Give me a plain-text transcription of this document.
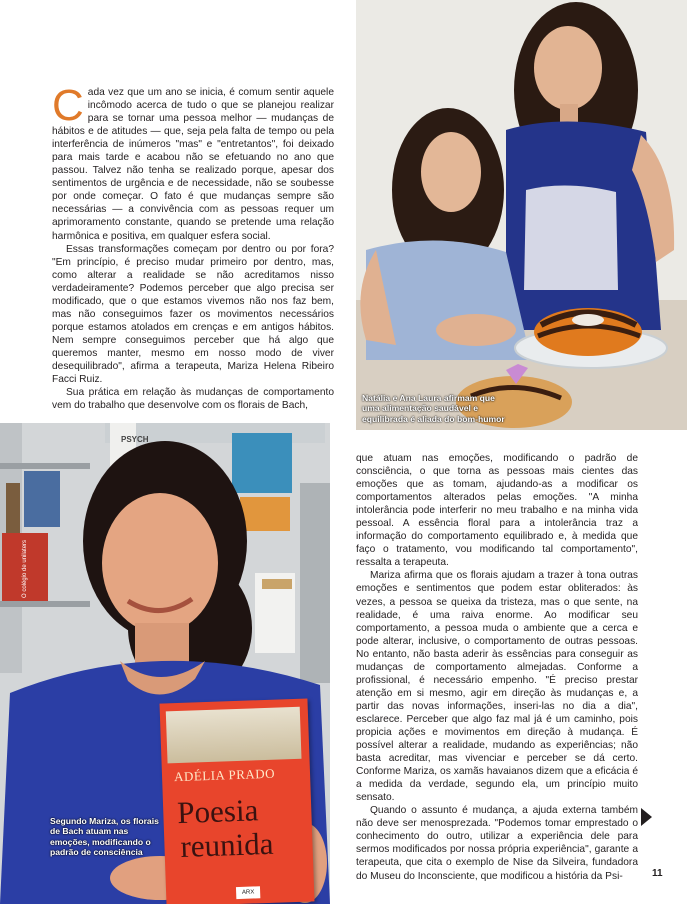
Natália e Ana Laura afirmam que uma alimentação saudável e equilibrada é aliada do bom-humor
PSYCH
O colégio de unilaters
ADÉLIA PRADO
Poesia
reunida
ARX
Segundo Mariza, os florais de Bach atuam nas emoções, modificando o padrão de consciência

Cada vez que um ano se inicia, é comum sentir aquele incômodo acerca de tudo o que se planejou realizar para se tornar uma pessoa melhor — mudanças de hábitos e de atitudes — que, seja pela falta de tempo ou pela interferência de inúmeros "mas" e "entretantos", foi deixado para mais tarde e acabou não se efetuando no ano que passou. Talvez não tenha se realizado porque, apesar dos sentimentos de urgência e de necessidade, não se soubesse por onde começar. O fato é que mudanças sempre são necessárias — a convivência com as pessoas requer um aprimoramento constante, quando se pretende uma relação harmônica e positiva, em qualquer esfera social.

Essas transformações começam por dentro ou por fora? "Em princípio, é preciso mudar primeiro por dentro, mas, como alterar a realidade se não acreditamos nisso verdadeiramente? Podemos perceber que algo precisa ser modificado, que o que estamos vivemos não nos faz bem, mas não conseguimos fazer os movimentos necessários porque estamos atolados em crenças e em antigos hábitos. Nem sempre conseguimos perceber que há algo que queremos manter, mesmo em nosso modo de viver desequilibrado", afirma a terapeuta, Mariza Helena Ribeiro Facci Ruiz.

Sua prática em relação às mudanças de comportamento vem do trabalho que desenvolve com os florais de Bach,

que atuam nas emoções, modificando o padrão de consciência, o que torna as pessoas mais cientes das emoções que as tomam, ajudando-as a modificar os comportamentos alterados pelas emoções. "A minha intolerância pode interferir no meu trabalho e na minha vida pessoal. A essência floral para a intolerância traz a informação do comportamento equilibrado e, à medida que faço o tratamento, vou modificando tal comportamento", ressalta a terapeuta.

Mariza afirma que os florais ajudam a trazer à tona outras emoções e sentimentos que podem estar obliterados: às vezes, a pessoa se queixa da tristeza, mas o que sente, na realidade, é uma raiva enorme. Ao modificar seu comportamento, a pessoa muda o ambiente que a cerca e pode alterar, inclusive, o comportamento de outras pessoas. No entanto, não basta aderir às essências para conseguir as mudanças de comportamento almejadas. Conforme a profissional, é necessário empenho. "É preciso prestar atenção em si mesmo, agir em direção às mudanças e, a partir das novas informações, inseri-las no dia a dia", esclarece. Perceber que algo faz mal já é um caminho, pois propicia ações e movimentos em direção à mudança. É possível alterar a realidade, mudando as experiências; não basta acreditar, mas vivenciar e perceber se dá certo. Conforme Mariza, os xamãs havaianos dizem que a eficácia é a medida da verdade, segundo ela, um princípio muito sensato.

Quando o assunto é mudança, a ajuda externa também não deve ser menosprezada. "Podemos tomar emprestado o conhecimento do outro, utilizar a experiência dele para sermos modificados por nossa própria experiência", garante a terapeuta, que cita o exemplo de Nise da Silveira, fundadora do Museu do Inconsciente, que modificou a história da Psi-	11
